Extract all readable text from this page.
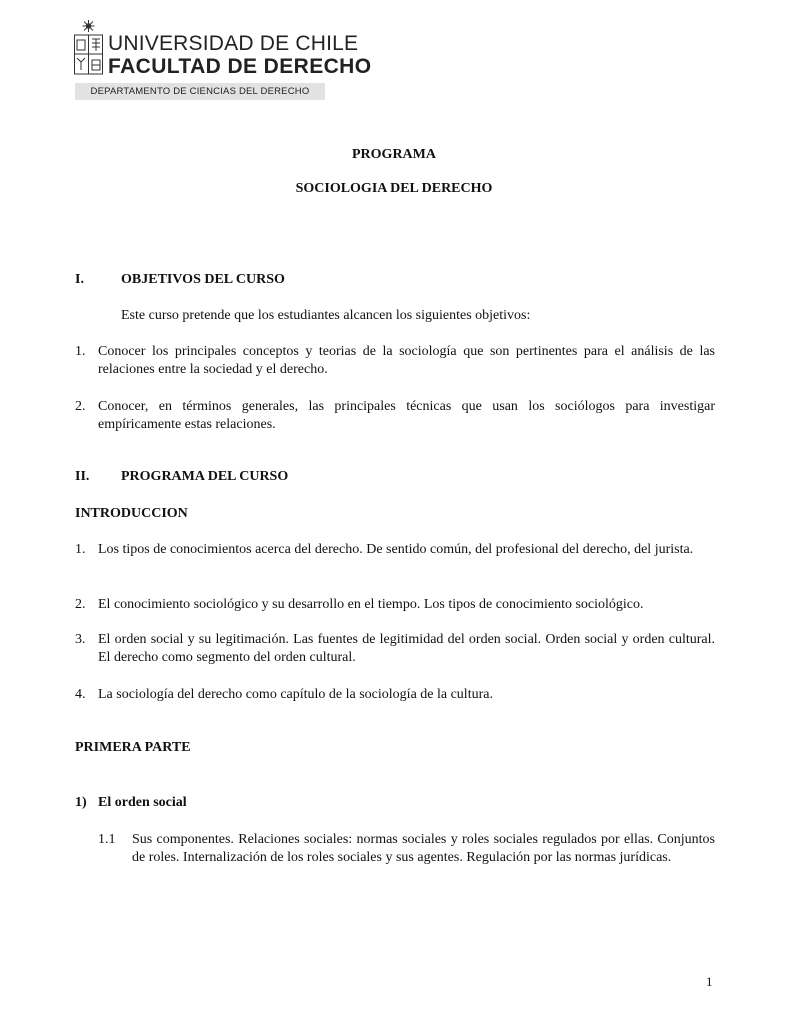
UNIVERSIDAD DE CHILE
FACULTAD DE DERECHO
DEPARTAMENTO DE CIENCIAS DEL DERECHO
PROGRAMA
SOCIOLOGIA DEL DERECHO
I.	OBJETIVOS DEL CURSO
Este curso pretende que los estudiantes alcancen los siguientes objetivos:
1. Conocer los principales conceptos y teorias de la sociología que son pertinentes para el análisis de las relaciones entre la sociedad y el derecho.
2. Conocer, en términos generales, las principales técnicas que usan los sociólogos para investigar empíricamente estas relaciones.
II. PROGRAMA DEL CURSO
INTRODUCCION
1. Los tipos de conocimientos acerca del derecho. De sentido común, del profesional del derecho, del jurista.
2. El conocimiento sociológico y su desarrollo en el tiempo. Los tipos de conocimiento sociológico.
3. El orden social y su legitimación. Las fuentes de legitimidad del orden social. Orden social y orden cultural. El derecho como segmento del orden cultural.
4. La sociología del derecho como capítulo de la sociología de la cultura.
PRIMERA PARTE
1) El orden social
1.1 Sus componentes. Relaciones sociales: normas sociales y roles sociales regulados por ellas. Conjuntos de roles. Internalización de los roles sociales y sus agentes. Regulación por las normas jurídicas.
1
